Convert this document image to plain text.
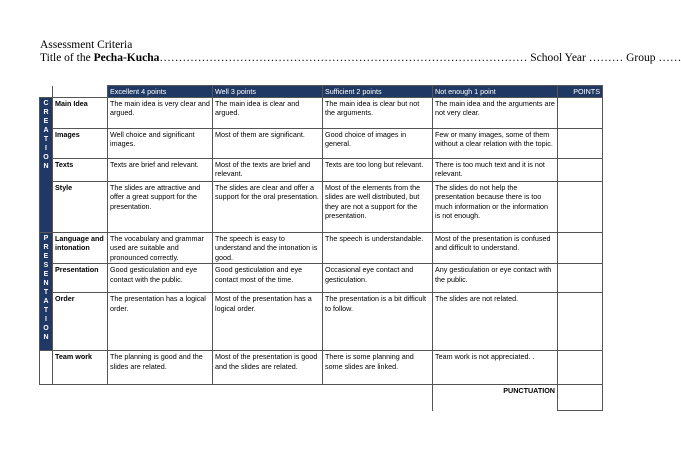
Assessment Criteria
Title of the Pecha-Kucha…………………………………………………………………………………… School Year ……… Group ……
		Excellent 4 points	Well 3 points	Sufficient 2 points	Not enough 1 point	POINTS
C R E A T I O N	Main Idea	The main idea is very clear and argued.	The main idea is clear and argued.	The main idea is clear but not the arguments.	The main idea and the arguments are not very clear.	
	Images	Well choice and significant images.	Most of them are significant.	Good choice of images in general.	Few or many images, some of them without a clear relation with the topic.	
	Texts	Texts are brief and relevant.	Most of the texts are brief and relevant.	Texts are too long but relevant.	There is too much text and it is not relevant.	
	Style	The slides are attractive and offer a great support for the presentation.	The slides are clear and offer a support for the oral presentation.	Most of the elements from the slides are well distributed, but they are not a support for the presentation.	The slides do not help the presentation because there is too much information or the information is not enough.	
P R E S E N T A T I O N	Language and intonation	The vocabulary and grammar used are suitable and pronounced correctly.	The speech is easy to understand and the intonation is good.	The speech is understandable.	Most of the presentation is confused and difficult to understand.	
	Presentation	Good gesticulation and eye contact with the public.	Good gesticulation and eye contact most of the time.	Occasional eye contact and gesticulation.	Any gesticulation or eye contact with the public.	
	Order	The presentation has a logical order.	Most of the presentation has a logical order.	The presentation is a bit difficult to follow.	The slides are not related.	
	Team work	The planning is good and the slides are related.	Most of the presentation is good and the slides are related.	There is some planning and some slides are linked.	Team work is not appreciated. .	
					PUNCTUATION	
